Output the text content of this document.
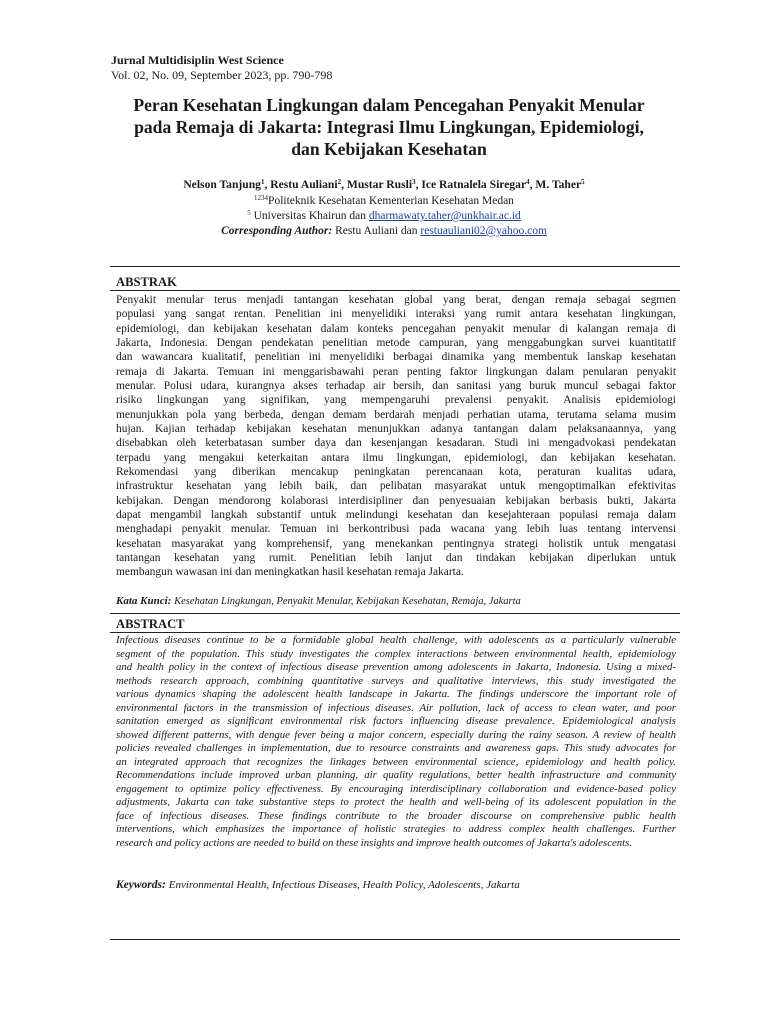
Jurnal Multidisiplin West Science
Vol. 02, No. 09, September 2023, pp. 790-798
Peran Kesehatan Lingkungan dalam Pencegahan Penyakit Menular
pada Remaja di Jakarta: Integrasi Ilmu Lingkungan, Epidemiologi,
dan Kebijakan Kesehatan
Nelson Tanjung$^1$, Restu Auliani$^2$, Mustar Rusli$^3$, Ice Ratnalela Siregar$^4$, M. Taher$^5$
$^{1234}$Politeknik Kesehatan Kementerian Kesehatan Medan
$^5$ Universitas Khairun dan dharmawaty.taher@unkhair.ac.id
Corresponding Author: Restu Auliani dan restuauliani02@yahoo.com
ABSTRAK
Penyakit menular terus menjadi tantangan kesehatan global yang berat, dengan remaja sebagai segmen
populasi yang sangat rentan. Penelitian ini menyelidiki interaksi yang rumit antara kesehatan lingkungan,
epidemiologi, dan kebijakan kesehatan dalam konteks pencegahan penyakit menular di kalangan remaja di
Jakarta, Indonesia. Dengan pendekatan penelitian metode campuran, yang menggabungkan survei kuantitatif
dan wawancara kualitatif, penelitian ini menyelidiki berbagai dinamika yang membentuk lanskap kesehatan
remaja di Jakarta. Temuan ini menggarisbawahi peran penting faktor lingkungan dalam penularan penyakit
menular. Polusi udara, kurangnya akses terhadap air bersih, dan sanitasi yang buruk muncul sebagai faktor
risiko lingkungan yang signifikan, yang mempengaruhi prevalensi penyakit. Analisis epidemiologi
menunjukkan pola yang berbeda, dengan demam berdarah menjadi perhatian utama, terutama selama musim
hujan. Kajian terhadap kebijakan kesehatan menunjukkan adanya tantangan dalam pelaksanaannya, yang
disebabkan oleh keterbatasan sumber daya dan kesenjangan kesadaran. Studi ini mengadvokasi pendekatan
terpadu yang mengakui keterkaitan antara ilmu lingkungan, epidemiologi, dan kebijakan kesehatan.
Rekomendasi yang diberikan mencakup peningkatan perencanaan kota, peraturan kualitas udara,
infrastruktur kesehatan yang lebih baik, dan pelibatan masyarakat untuk mengoptimalkan efektivitas
kebijakan. Dengan mendorong kolaborasi interdisipliner dan penyesuaian kebijakan berbasis bukti, Jakarta
dapat mengambil langkah substantif untuk melindungi kesehatan dan kesejahteraan populasi remaja dalam
menghadapi penyakit menular. Temuan ini berkontribusi pada wacana yang lebih luas tentang intervensi
kesehatan masyarakat yang komprehensif, yang menekankan pentingnya strategi holistik untuk mengatasi
tantangan kesehatan yang rumit. Penelitian lebih lanjut dan tindakan kebijakan diperlukan untuk
membangun wawasan ini dan meningkatkan hasil kesehatan remaja Jakarta.
Kata Kunci: Kesehatan Lingkungan, Penyakit Menular, Kebijakan Kesehatan, Remaja, Jakarta
ABSTRACT
Infectious diseases continue to be a formidable global health challenge, with adolescents as a particularly vulnerable
segment of the population. This study investigates the complex interactions between environmental health, epidemiology
and health policy in the context of infectious disease prevention among adolescents in Jakarta, Indonesia. Using a mixed-
methods research approach, combining quantitative surveys and qualitative interviews, this study investigated the
various dynamics shaping the adolescent health landscape in Jakarta. The findings underscore the important role of
environmental factors in the transmission of infectious diseases. Air pollution, lack of access to clean water, and poor
sanitation emerged as significant environmental risk factors influencing disease prevalence. Epidemiological analysis
showed different patterns, with dengue fever being a major concern, especially during the rainy season. A review of health
policies revealed challenges in implementation, due to resource constraints and awareness gaps. This study advocates for
an integrated approach that recognizes the linkages between environmental science, epidemiology and health policy.
Recommendations include improved urban planning, air quality regulations, better health infrastructure and community
engagement to optimize policy effectiveness. By encouraging interdisciplinary collaboration and evidence-based policy
adjustments, Jakarta can take substantive steps to protect the health and well-being of its adolescent population in the
face of infectious diseases. These findings contribute to the broader discourse on comprehensive public health
interventions, which emphasizes the importance of holistic strategies to address complex health challenges. Further
research and policy actions are needed to build on these insights and improve health outcomes of Jakarta's adolescents.
Keywords: Environmental Health, Infectious Diseases, Health Policy, Adolescents, Jakarta
